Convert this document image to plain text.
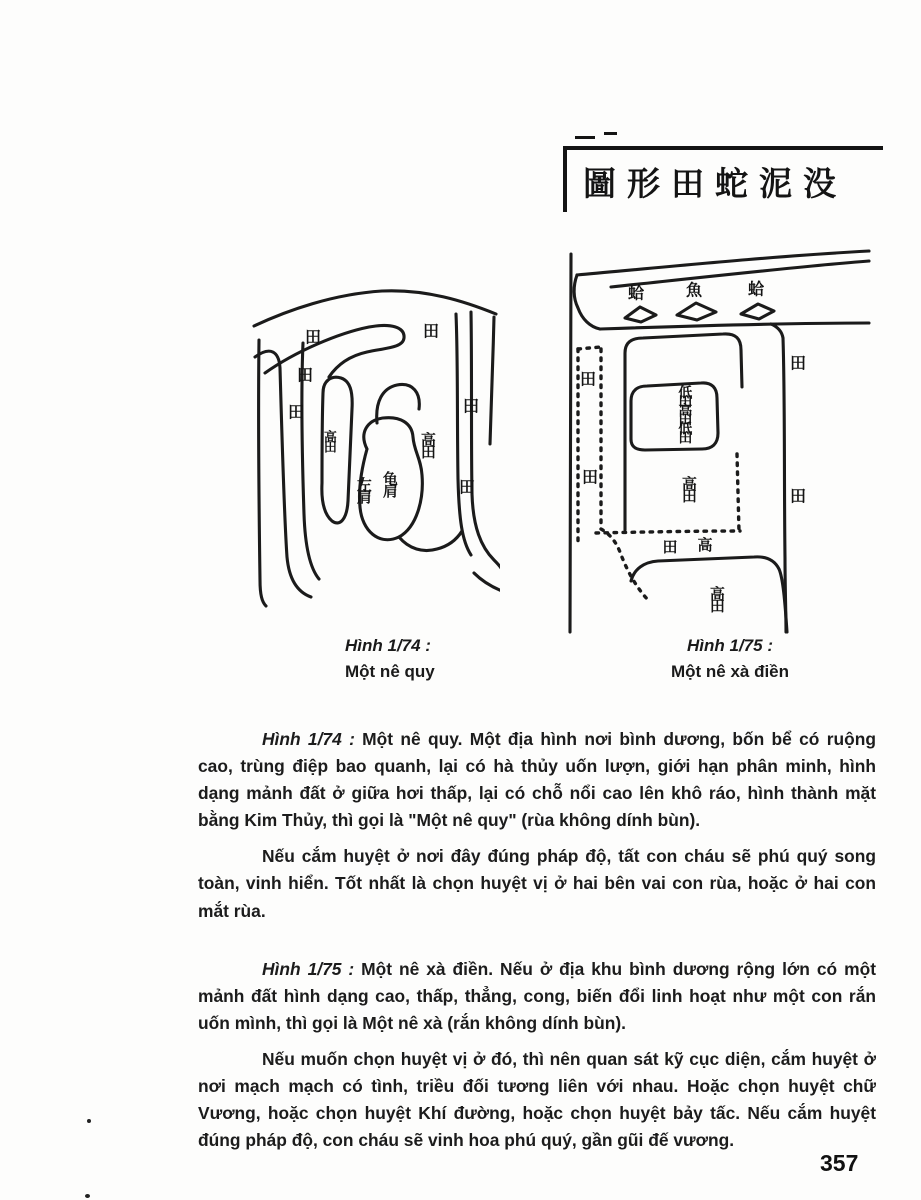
圖形田蛇泥没
田
田
田
高田
左肩 龟肩
田
高田
田
田
蛤	魚	蛤
田
田
低田高田低田
高田
田 高
高田
田
田
Hình 1/74 :
Một nê quy
Hình 1/75 :
Một nê xà điền

Hình 1/74 : Một nê quy. Một địa hình nơi bình dương, bốn bể có ruộng cao, trùng điệp bao quanh, lại có hà thủy uốn lượn, giới hạn phân minh, hình dạng mảnh đất ở giữa hơi thấp, lại có chỗ nổi cao lên khô ráo, hình thành mặt bằng Kim Thủy, thì gọi là "Một nê quy" (rùa không dính bùn).

Nếu cắm huyệt ở nơi đây đúng pháp độ, tất con cháu sẽ phú quý song toàn, vinh hiển. Tốt nhất là chọn huyệt vị ở hai bên vai con rùa, hoặc ở hai con mắt rùa.

Hình 1/75 : Một nê xà điền. Nếu ở địa khu bình dương rộng lớn có một mảnh đất hình dạng cao, thấp, thẳng, cong, biến đổi linh hoạt như một con rắn uốn mình, thì gọi là Một nê xà (rắn không dính bùn).

Nếu muốn chọn huyệt vị ở đó, thì nên quan sát kỹ cục diện, cắm huyệt ở nơi mạch mạch có tình, triều đối tương liên với nhau. Hoặc chọn huyệt chữ Vương, hoặc chọn huyệt Khí đường, hoặc chọn huyệt bảy tấc. Nếu cắm huyệt đúng pháp độ, con cháu sẽ vinh hoa phú quý, gần gũi đế vương.

357
